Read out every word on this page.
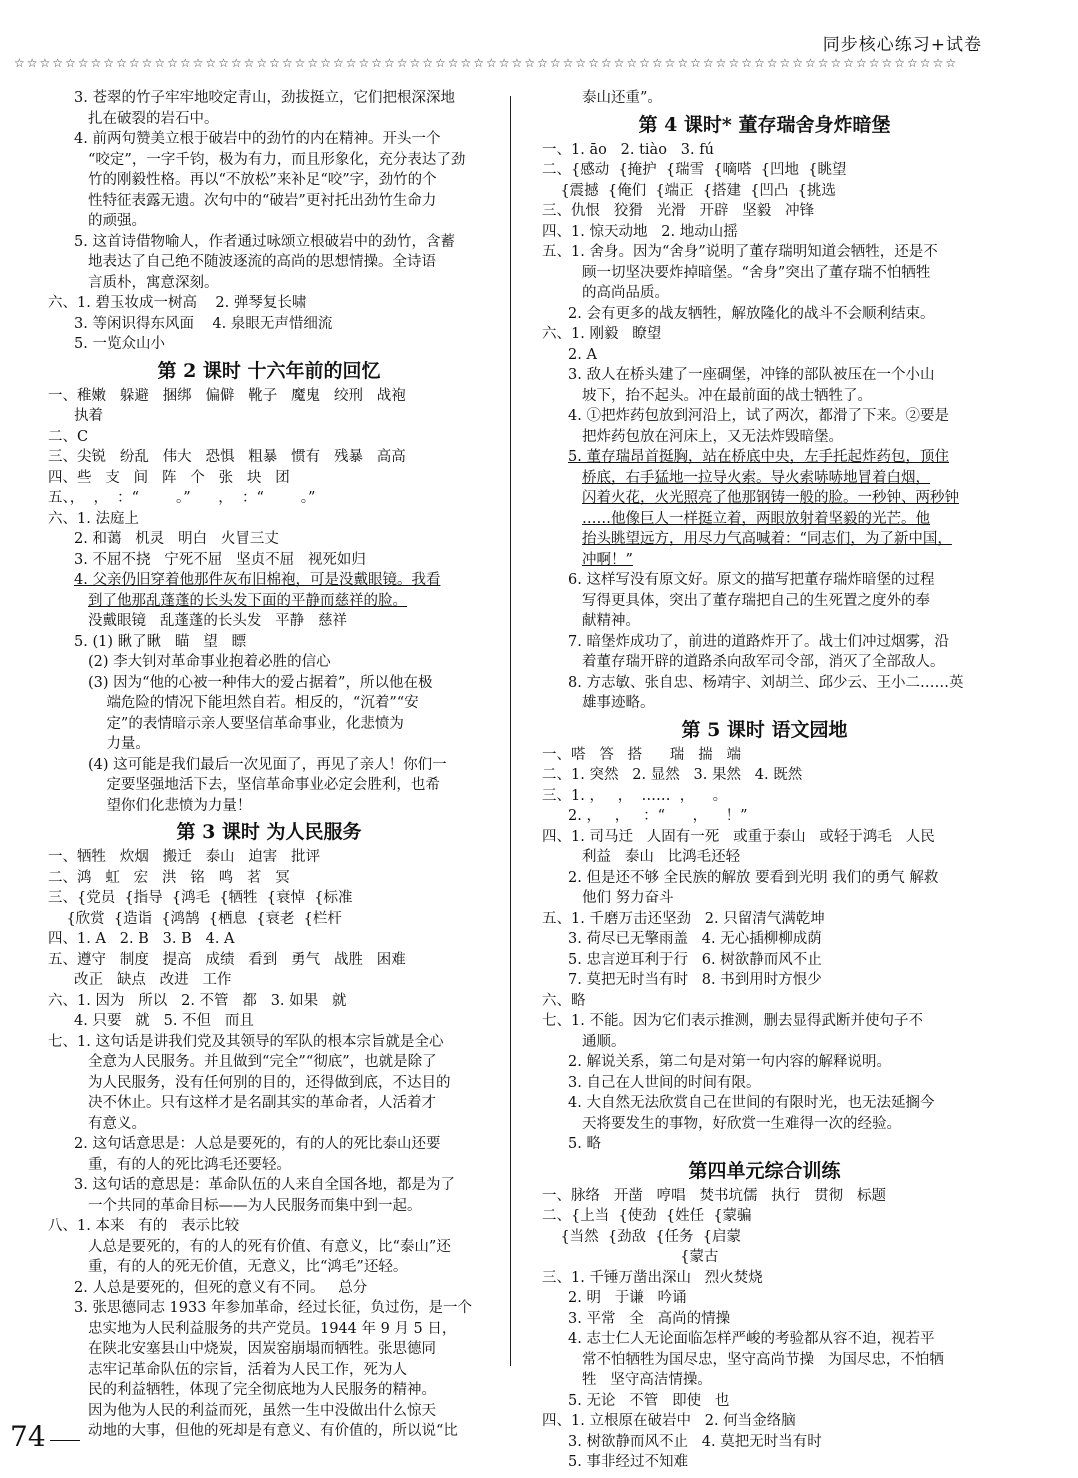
同步核心练习+试卷
☆☆☆☆☆☆☆☆☆☆☆☆☆☆☆☆☆☆☆☆☆☆☆☆☆☆☆☆☆☆☆☆☆☆☆☆☆☆☆☆☆☆☆☆☆☆☆☆☆☆☆☆☆☆☆☆☆☆☆☆☆☆☆☆☆☆☆☆☆☆☆☆☆☆
3. 苍翠的竹子牢牢地咬定青山，劲拔挺立，它们把根深深地
扎在破裂的岩石中。
4. 前两句赞美立根于破岩中的劲竹的内在精神。开头一个
“咬定”，一字千钧，极为有力，而且形象化，充分表达了劲
竹的刚毅性格。再以“不放松”来补足“咬”字，劲竹的个
性特征表露无遗。次句中的“破岩”更衬托出劲竹生命力
的顽强。
5. 这首诗借物喻人，作者通过咏颂立根破岩中的劲竹，含蓄
地表达了自己绝不随波逐流的高尚的思想情操。全诗语
言质朴，寓意深刻。
六、1. 碧玉妆成一树高    2. 弹琴复长啸
3. 等闲识得东风面    4. 泉眼无声惜细流
5. 一览众山小
第 2 课时 十六年前的回忆
一、稚嫩   躲避   捆绑   偏僻   靴子   魔鬼   绞刑   战袍
执着
二、C
三、尖锐   纷乱   伟大   恐惧   粗暴   惯有   残暴   高高
四、些   支   间   阵   个   张   块   团
五、，  ，  ：“        。”      ，  ：“        。”
六、1. 法庭上
2. 和蔼   机灵   明白   火冒三丈
3. 不屈不挠   宁死不屈   坚贞不屈   视死如归
4. 父亲仍旧穿着他那件灰布旧棉袍，可是没戴眼镜。我看
到了他那乱蓬蓬的长头发下面的平静而慈祥的脸。
没戴眼镜   乱蓬蓬的长头发   平静   慈祥
5. (1) 瞅了瞅   瞄   望   瞟
(2) 李大钊对革命事业抱着必胜的信心
(3) 因为“他的心被一种伟大的爱占据着”，所以他在极
端危险的情况下能坦然自若。相反的，“沉着”“安
定”的表情暗示亲人要坚信革命事业，化悲愤为
力量。
(4) 这可能是我们最后一次见面了，再见了亲人！你们一
定要坚强地活下去，坚信革命事业必定会胜利，也希
望你们化悲愤为力量！
第 3 课时 为人民服务
一、牺牲   炊烟   搬迁   泰山   迫害   批评
二、鸿   虹   宏   洪   铭   鸣   茗   冥
三、{党员  {指导  {鸿毛  {牺牲  {衰悼  {标准
{欣赏  {造诣  {鸿鹄  {栖息  {衰老  {栏杆
四、1. A   2. B   3. B   4. A
五、遵守   制度   提高   成绩   看到   勇气   战胜   困难
改正   缺点   改进   工作
六、1. 因为   所以   2. 不管   都   3. 如果   就
4. 只要   就   5. 不但   而且
七、1. 这句话是讲我们党及其领导的军队的根本宗旨就是全心
全意为人民服务。并且做到“完全”“彻底”，也就是除了
为人民服务，没有任何别的目的，还得做到底，不达目的
决不休止。只有这样才是名副其实的革命者，人活着才
有意义。
2. 这句话意思是：人总是要死的，有的人的死比泰山还要
重，有的人的死比鸿毛还要轻。
3. 这句话的意思是：革命队伍的人来自全国各地，都是为了
一个共同的革命目标——为人民服务而集中到一起。
八、1. 本来   有的   表示比较
人总是要死的，有的人的死有价值、有意义，比“泰山”还
重，有的人的死无价值，无意义，比“鸿毛”还轻。
2. 人总是要死的，但死的意义有不同。   总分
3. 张思德同志 1933 年参加革命，经过长征，负过伤，是一个
忠实地为人民利益服务的共产党员。1944 年 9 月 5 日，
在陕北安塞县山中烧炭，因炭窑崩塌而牺牲。张思德同
志牢记革命队伍的宗旨，活着为人民工作，死为人
民的利益牺牲，体现了完全彻底地为人民服务的精神。
因为他为人民的利益而死，虽然一生中没做出什么惊天
动地的大事，但他的死却是有意义、有价值的，所以说“比
泰山还重”。
第 4 课时* 董存瑞舍身炸暗堡
一、1. āo   2. tiào   3. fú
二、{感动  {掩护  {瑞雪  {嘀嗒  {凹地  {眺望
{震撼  {俺们  {端正  {搭建  {凹凸  {挑选
三、仇恨   狡猾   光滑   开辟   坚毅   冲锋
四、1. 惊天动地   2. 地动山摇
五、1. 舍身。因为“舍身”说明了董存瑞明知道会牺牲，还是不
顾一切坚决要炸掉暗堡。“舍身”突出了董存瑞不怕牺牲
的高尚品质。
2. 会有更多的战友牺牲，解放隆化的战斗不会顺利结束。
六、1. 刚毅   瞭望
2. A
3. 敌人在桥头建了一座碉堡，冲锋的部队被压在一个小山
坡下，抬不起头。冲在最前面的战士牺牲了。
4. ①把炸药包放到河沿上，试了两次，都滑了下来。②要是
把炸药包放在河床上，又无法炸毁暗堡。
5. 董存瑞昂首挺胸，站在桥底中央，左手托起炸药包，顶住
桥底，右手猛地一拉导火索。导火索哧哧地冒着白烟，
闪着火花，火光照亮了他那钢铸一般的脸。一秒钟、两秒钟
……他像巨人一样挺立着，两眼放射着坚毅的光芒。他
抬头眺望远方，用尽力气高喊着：“同志们，为了新中国，
冲啊！”
6. 这样写没有原文好。原文的描写把董存瑞炸暗堡的过程
写得更具体，突出了董存瑞把自己的生死置之度外的奉
献精神。
7. 暗堡炸成功了，前进的道路炸开了。战士们冲过烟雾，沿
着董存瑞开辟的道路杀向敌军司令部，消灭了全部敌人。
8. 方志敏、张自忠、杨靖宇、刘胡兰、邱少云、王小二……英
雄事迹略。
第 5 课时 语文园地
一、嗒   答   搭      瑞   揣   端
二、1. 突然   2. 显然   3. 果然   4. 既然
三、1. ，   ，  ……  ，    。
2. ，   ，   ：“      ，    ！”
四、1. 司马迁   人固有一死   或重于泰山   或轻于鸿毛   人民
利益   泰山   比鸿毛还轻
2. 但是还不够 全民族的解放 要看到光明 我们的勇气 解救
他们 努力奋斗
五、1. 千磨万击还坚劲   2. 只留清气满乾坤
3. 荷尽已无擎雨盖   4. 无心插柳柳成荫
5. 忠言逆耳利于行   6. 树欲静而风不止
7. 莫把无时当有时   8. 书到用时方恨少
六、略
七、1. 不能。因为它们表示推测，删去显得武断并使句子不
通顺。
2. 解说关系，第二句是对第一句内容的解释说明。
3. 自己在人世间的时间有限。
4. 大自然无法欣赏自己在世间的有限时光，也无法延搁今
天将要发生的事物，好欣赏一生难得一次的经验。
5. 略
第四单元综合训练
一、脉络   开凿   哼唱   焚书坑儒   执行   贯彻   标题
二、{上当  {使劲  {姓任  {蒙骗
{当然  {劲敌  {任务  {启蒙
{蒙古
三、1. 千锤万凿出深山   烈火焚烧
2. 明   于谦   吟诵
3. 平常   全   高尚的情操
4. 志士仁人无论面临怎样严峻的考验都从容不迫，视若平
常不怕牺牲为国尽忠，坚守高尚节操   为国尽忠，不怕牺
牲   坚守高洁情操。
5. 无论   不管   即使   也
四、1. 立根原在破岩中   2. 何当金络脑
3. 树欲静而风不止   4. 莫把无时当有时
5. 事非经过不知难
74
